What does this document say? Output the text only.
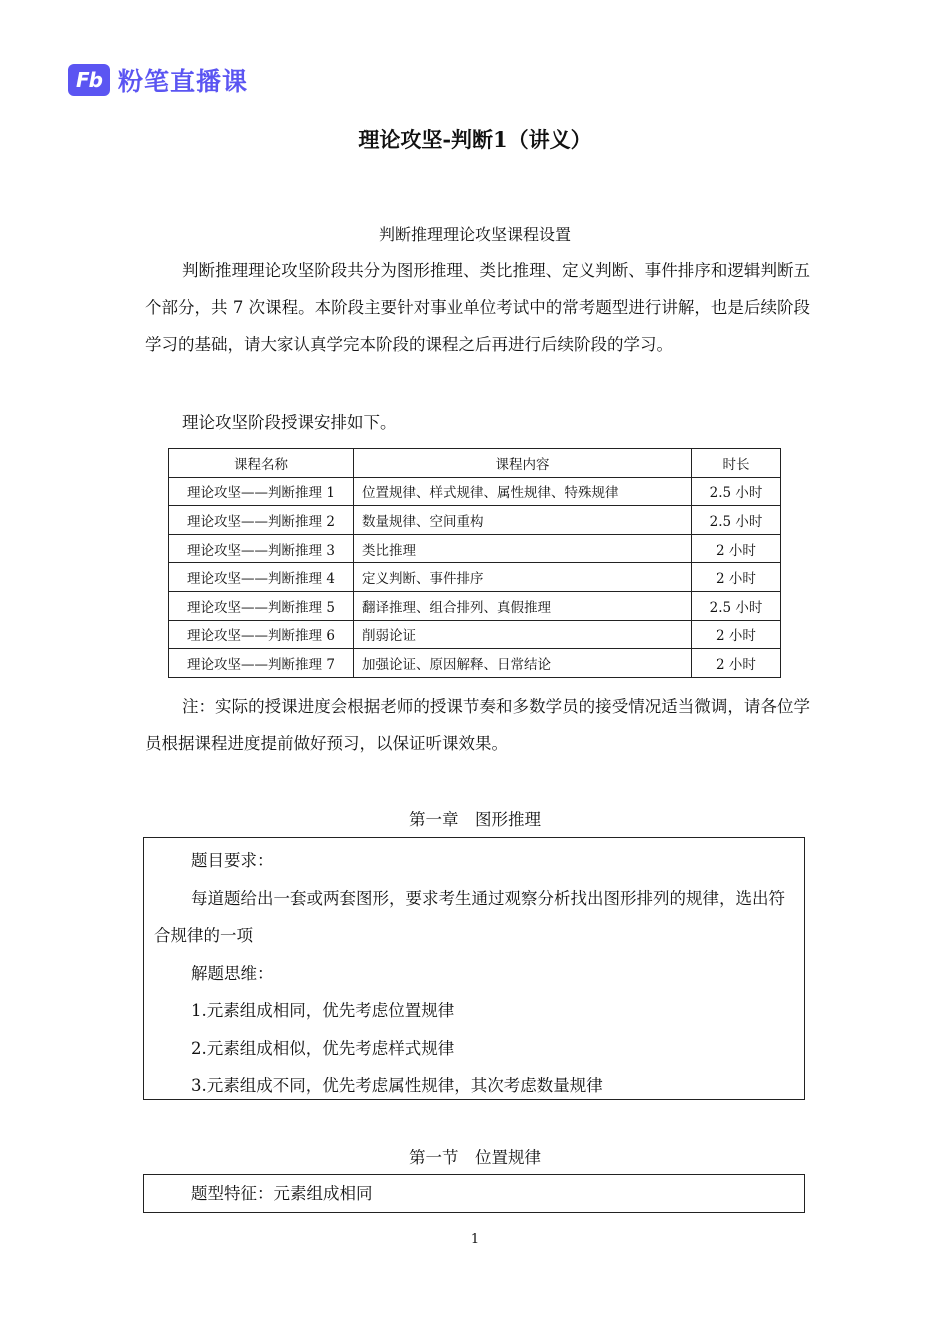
Fb 粉笔直播课
理论攻坚-判断1（讲义）
判断推理理论攻坚课程设置
判断推理理论攻坚阶段共分为图形推理、类比推理、定义判断、事件排序和逻辑判断五个部分，共 7 次课程。本阶段主要针对事业单位考试中的常考题型进行讲解，也是后续阶段学习的基础，请大家认真学完本阶段的课程之后再进行后续阶段的学习。
理论攻坚阶段授课安排如下。
课程名称	课程内容	时长
理论攻坚——判断推理 1	位置规律、样式规律、属性规律、特殊规律	2.5 小时
理论攻坚——判断推理 2	数量规律、空间重构	2.5 小时
理论攻坚——判断推理 3	类比推理	2 小时
理论攻坚——判断推理 4	定义判断、事件排序	2 小时
理论攻坚——判断推理 5	翻译推理、组合排列、真假推理	2.5 小时
理论攻坚——判断推理 6	削弱论证	2 小时
理论攻坚——判断推理 7	加强论证、原因解释、日常结论	2 小时
注：实际的授课进度会根据老师的授课节奏和多数学员的接受情况适当微调，请各位学员根据课程进度提前做好预习，以保证听课效果。
第一章　图形推理
题目要求：
每道题给出一套或两套图形，要求考生通过观察分析找出图形排列的规律，选出符合规律的一项
解题思维：
1.元素组成相同，优先考虑位置规律
2.元素组成相似，优先考虑样式规律
3.元素组成不同，优先考虑属性规律，其次考虑数量规律
第一节　位置规律
题型特征：元素组成相同
1
